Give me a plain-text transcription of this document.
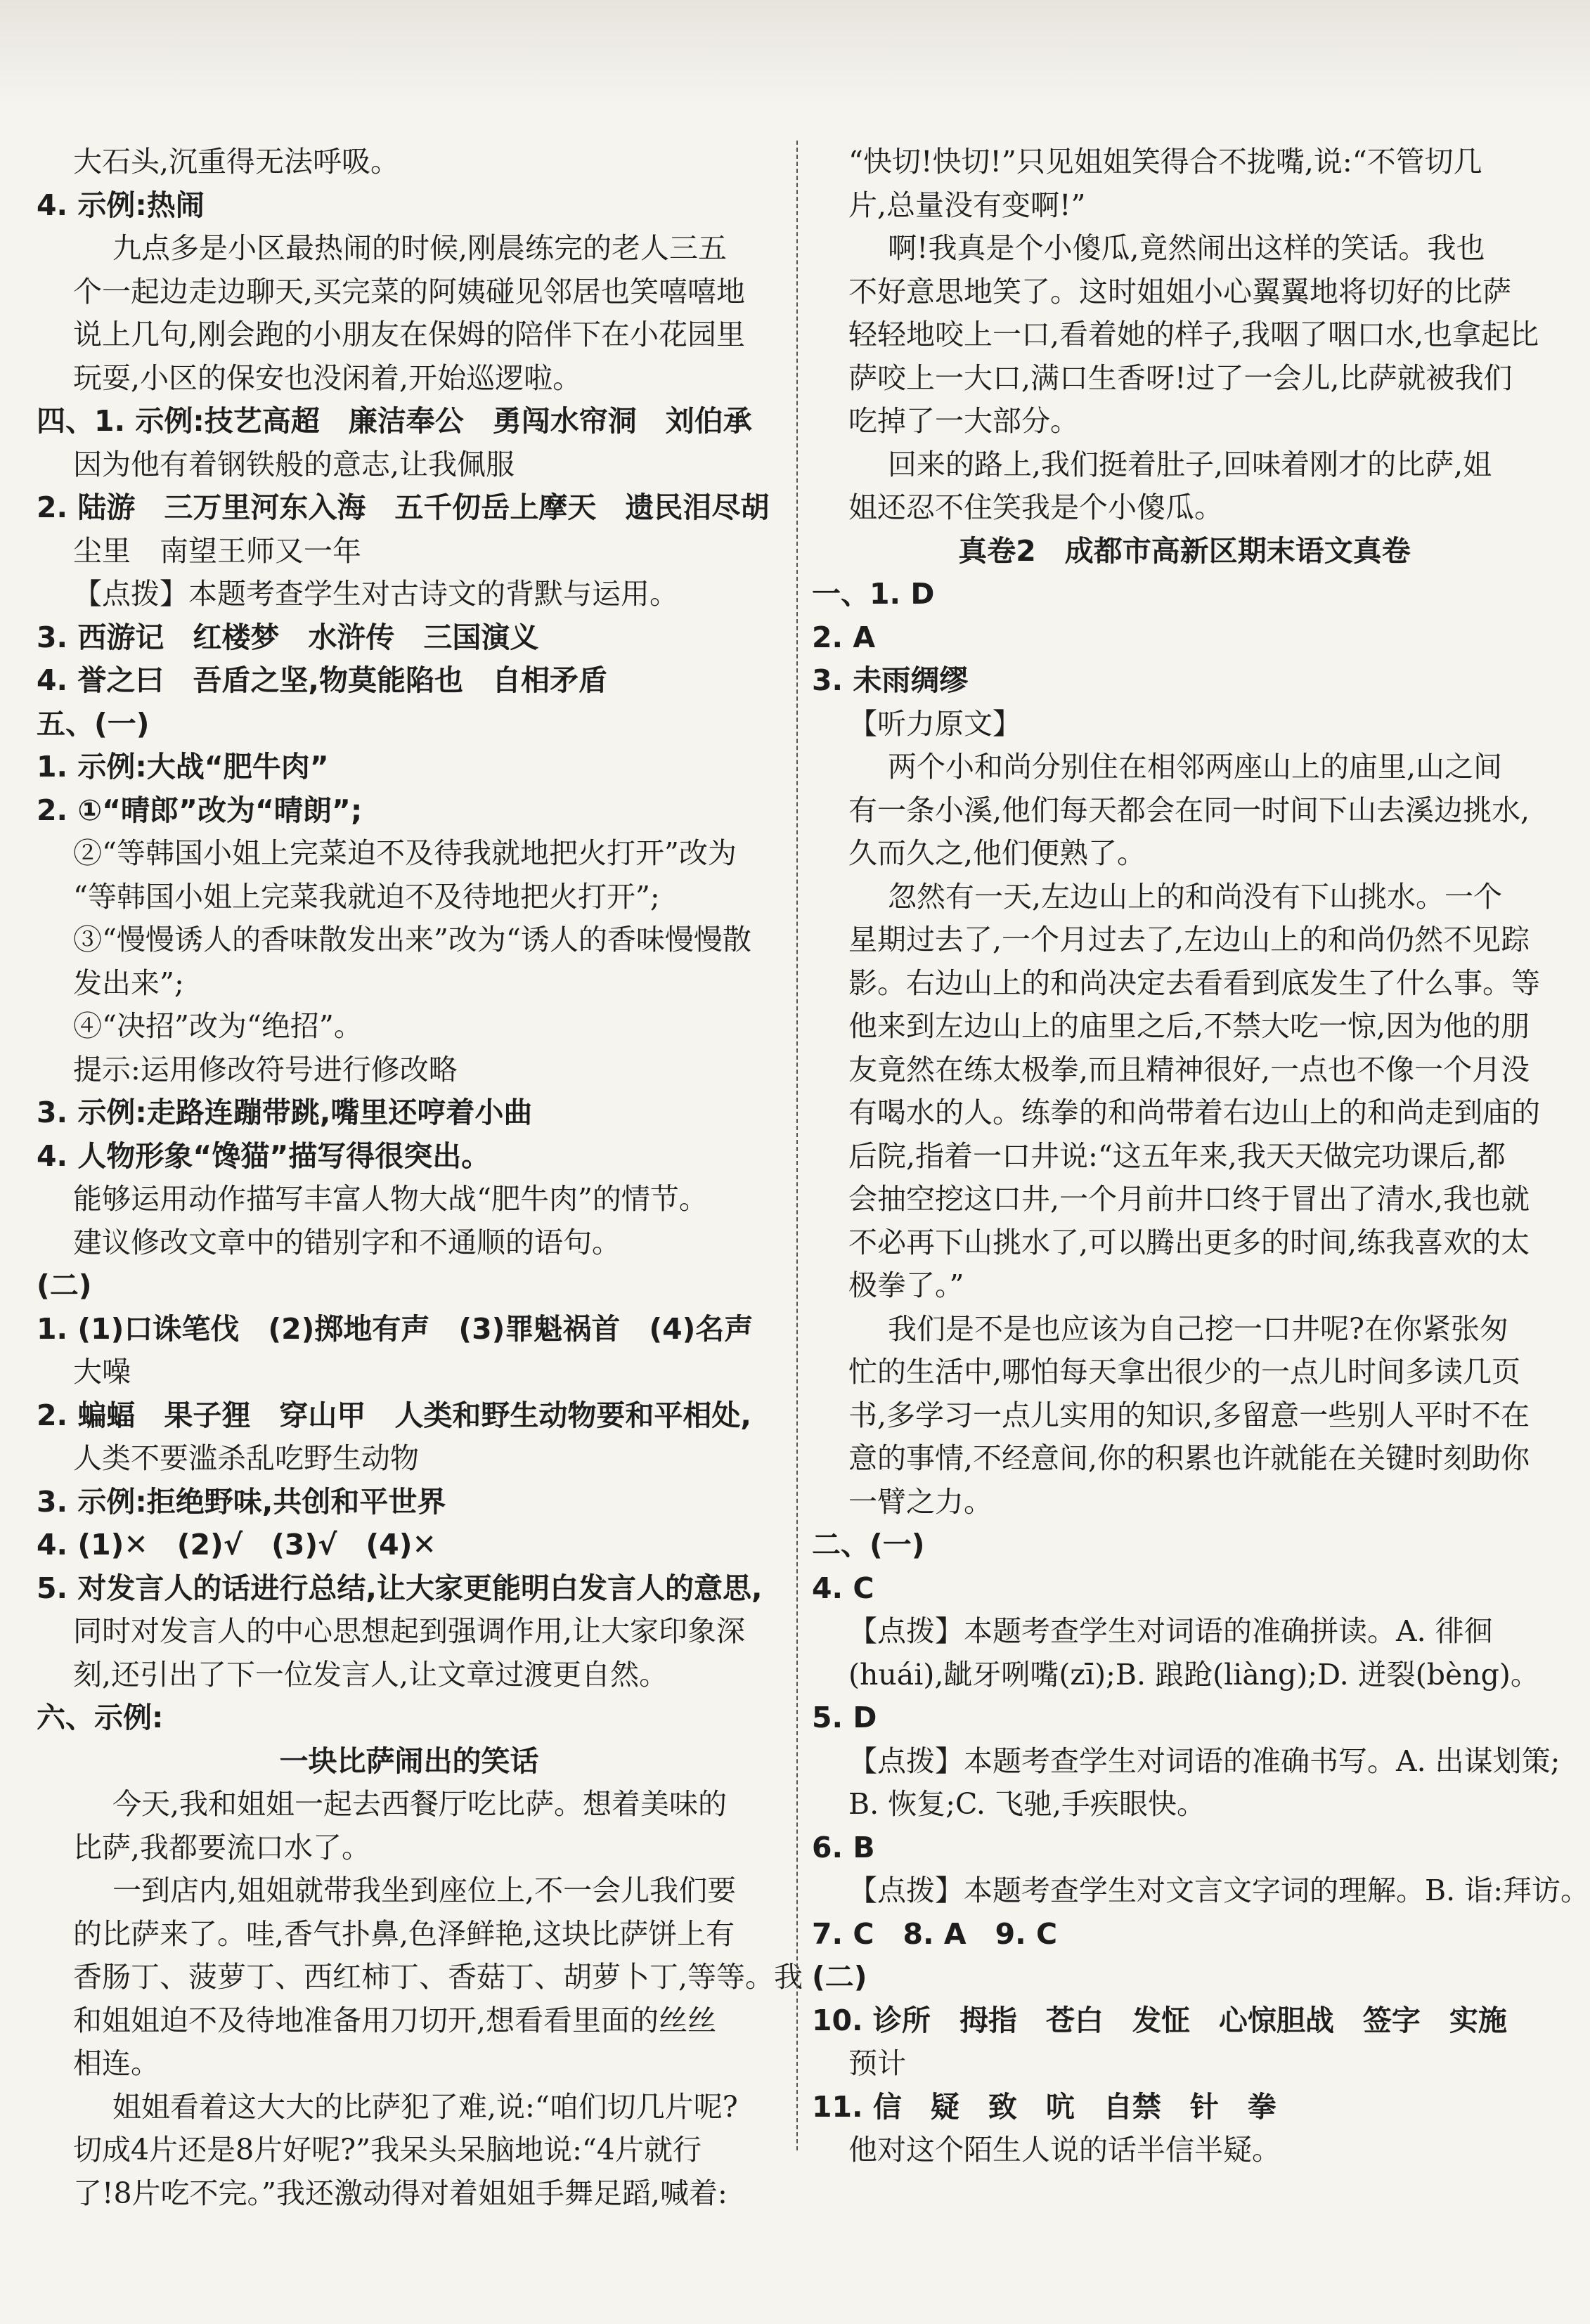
大石头,沉重得无法呼吸。
4. 示例:热闹
九点多是小区最热闹的时候,刚晨练完的老人三五
个一起边走边聊天,买完菜的阿姨碰见邻居也笑嘻嘻地
说上几句,刚会跑的小朋友在保姆的陪伴下在小花园里
玩耍,小区的保安也没闲着,开始巡逻啦。
四、1. 示例:技艺高超　廉洁奉公　勇闯水帘洞　刘伯承
因为他有着钢铁般的意志,让我佩服
2. 陆游　三万里河东入海　五千仞岳上摩天　遗民泪尽胡
尘里　南望王师又一年
【点拨】本题考查学生对古诗文的背默与运用。
3. 西游记　红楼梦　水浒传　三国演义
4. 誉之曰　吾盾之坚,物莫能陷也　自相矛盾
五、(一)
1. 示例:大战“肥牛肉”
2. ①“晴郎”改为“晴朗”;
②“等韩国小姐上完菜迫不及待我就地把火打开”改为
“等韩国小姐上完菜我就迫不及待地把火打开”;
③“慢慢诱人的香味散发出来”改为“诱人的香味慢慢散
发出来”;
④“决招”改为“绝招”。
提示:运用修改符号进行修改略
3. 示例:走路连蹦带跳,嘴里还哼着小曲
4. 人物形象“馋猫”描写得很突出。
能够运用动作描写丰富人物大战“肥牛肉”的情节。
建议修改文章中的错别字和不通顺的语句。
(二)
1. (1)口诛笔伐　(2)掷地有声　(3)罪魁祸首　(4)名声
大噪
2. 蝙蝠　果子狸　穿山甲　人类和野生动物要和平相处,
人类不要滥杀乱吃野生动物
3. 示例:拒绝野味,共创和平世界
4. (1)✕　(2)√　(3)√　(4)✕
5. 对发言人的话进行总结,让大家更能明白发言人的意思,
同时对发言人的中心思想起到强调作用,让大家印象深
刻,还引出了下一位发言人,让文章过渡更自然。
六、示例:
一块比萨闹出的笑话
今天,我和姐姐一起去西餐厅吃比萨。想着美味的
比萨,我都要流口水了。
一到店内,姐姐就带我坐到座位上,不一会儿我们要
的比萨来了。哇,香气扑鼻,色泽鲜艳,这块比萨饼上有
香肠丁、菠萝丁、西红柿丁、香菇丁、胡萝卜丁,等等。我
和姐姐迫不及待地准备用刀切开,想看看里面的丝丝
相连。
姐姐看着这大大的比萨犯了难,说:“咱们切几片呢?
切成4片还是8片好呢?”我呆头呆脑地说:“4片就行
了!8片吃不完。”我还激动得对着姐姐手舞足蹈,喊着:
“快切!快切!”只见姐姐笑得合不拢嘴,说:“不管切几
片,总量没有变啊!”
啊!我真是个小傻瓜,竟然闹出这样的笑话。我也
不好意思地笑了。这时姐姐小心翼翼地将切好的比萨
轻轻地咬上一口,看着她的样子,我咽了咽口水,也拿起比
萨咬上一大口,满口生香呀!过了一会儿,比萨就被我们
吃掉了一大部分。
回来的路上,我们挺着肚子,回味着刚才的比萨,姐
姐还忍不住笑我是个小傻瓜。
真卷2　成都市高新区期末语文真卷
一、1. D
2. A
3. 未雨绸缪
【听力原文】
两个小和尚分别住在相邻两座山上的庙里,山之间
有一条小溪,他们每天都会在同一时间下山去溪边挑水,
久而久之,他们便熟了。
忽然有一天,左边山上的和尚没有下山挑水。一个
星期过去了,一个月过去了,左边山上的和尚仍然不见踪
影。右边山上的和尚决定去看看到底发生了什么事。等
他来到左边山上的庙里之后,不禁大吃一惊,因为他的朋
友竟然在练太极拳,而且精神很好,一点也不像一个月没
有喝水的人。练拳的和尚带着右边山上的和尚走到庙的
后院,指着一口井说:“这五年来,我天天做完功课后,都
会抽空挖这口井,一个月前井口终于冒出了清水,我也就
不必再下山挑水了,可以腾出更多的时间,练我喜欢的太
极拳了。”
我们是不是也应该为自己挖一口井呢?在你紧张匆
忙的生活中,哪怕每天拿出很少的一点儿时间多读几页
书,多学习一点儿实用的知识,多留意一些别人平时不在
意的事情,不经意间,你的积累也许就能在关键时刻助你
一臂之力。
二、(一)
4. C
【点拨】本题考查学生对词语的准确拼读。A. 徘徊
(huái),龇牙咧嘴(zī);B. 踉跄(liàng);D. 迸裂(bèng)。
5. D
【点拨】本题考查学生对词语的准确书写。A. 出谋划策;
B. 恢复;C. 飞驰,手疾眼快。
6. B
【点拨】本题考查学生对文言文字词的理解。B. 诣:拜访。
7. C　8. A　9. C
(二)
10. 诊所　拇指　苍白　发怔　心惊胆战　签字　实施
预计
11. 信　疑　致　吭　自禁　针　拳
他对这个陌生人说的话半信半疑。
